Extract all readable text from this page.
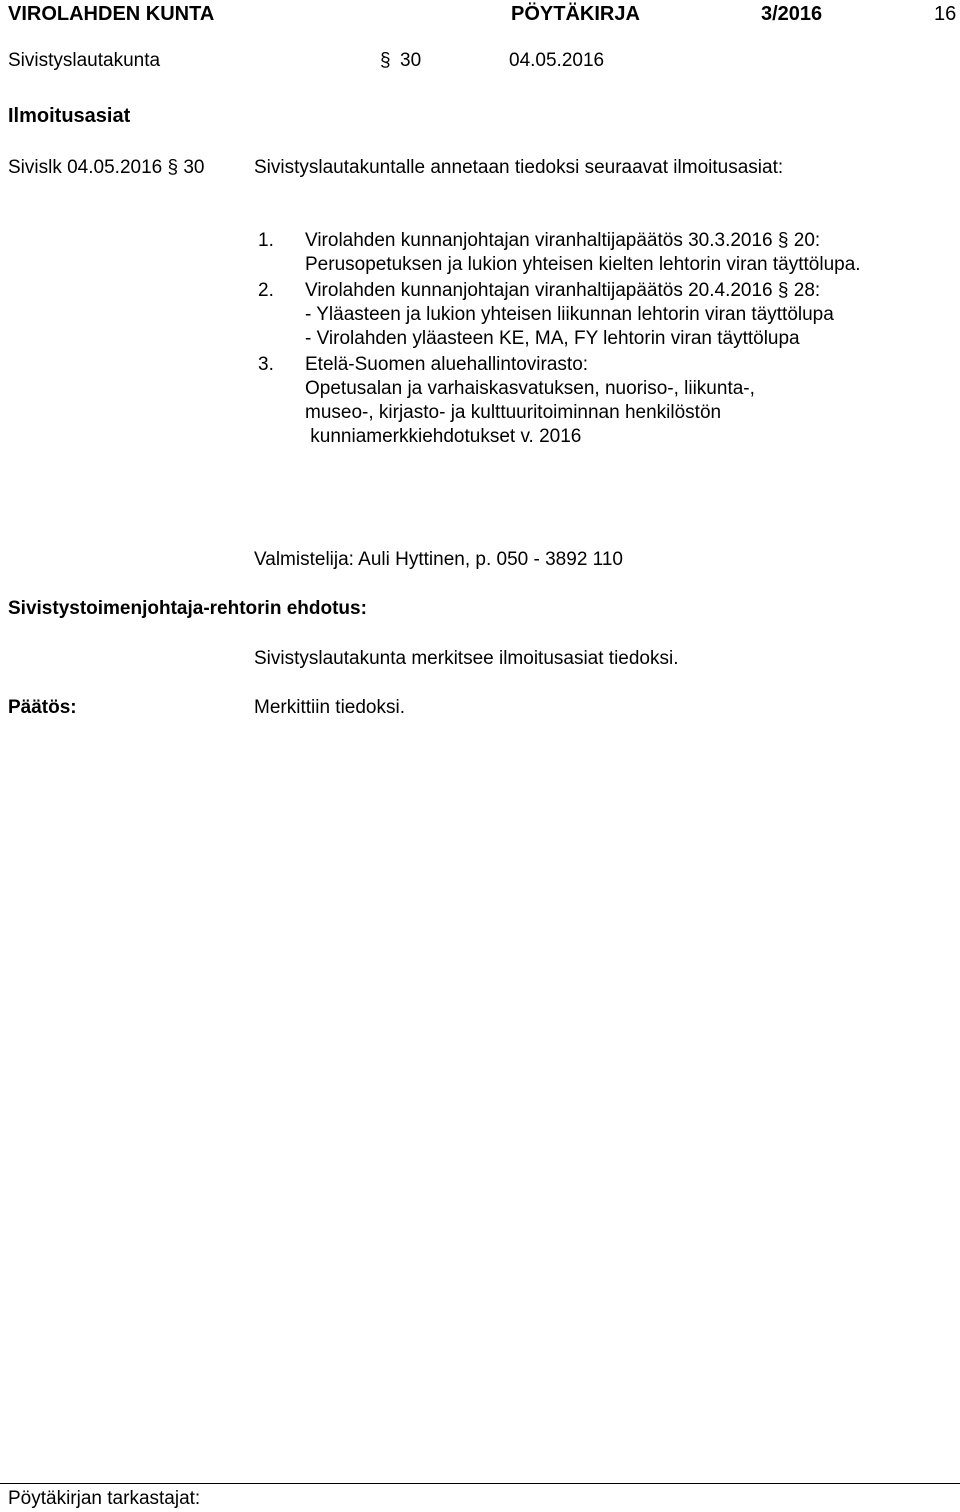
VIROLAHDEN KUNTA	PÖYTÄKIRJA	3/2016	16
Sivistyslautakunta	§ 30	04.05.2016
Ilmoitusasiat
Sivislk 04.05.2016 § 30	Sivistyslautakuntalle annetaan tiedoksi seuraavat ilmoitusasiat:
1. Virolahden kunnanjohtajan viranhaltijapäätös 30.3.2016 § 20:
Perusopetuksen ja lukion yhteisen kielten lehtorin viran täyttölupa.
2. Virolahden kunnanjohtajan viranhaltijapäätös 20.4.2016 § 28:
- Yläasteen ja lukion yhteisen liikunnan lehtorin viran täyttölupa
- Virolahden yläasteen KE, MA, FY lehtorin viran täyttölupa
3. Etelä-Suomen aluehallintovirasto:
Opetusalan ja varhaiskasvatuksen, nuoriso-, liikunta-,
museo-, kirjasto- ja kulttuuritoiminnan henkilöstön
kunniamerkkiehdotukset v. 2016
Valmistelija: Auli Hyttinen, p. 050 - 3892 110
Sivistystoimenjohtaja-rehtorin ehdotus:
Sivistyslautakunta merkitsee ilmoitusasiat tiedoksi.
Päätös:	Merkittiin tiedoksi.
Pöytäkirjan tarkastajat:
